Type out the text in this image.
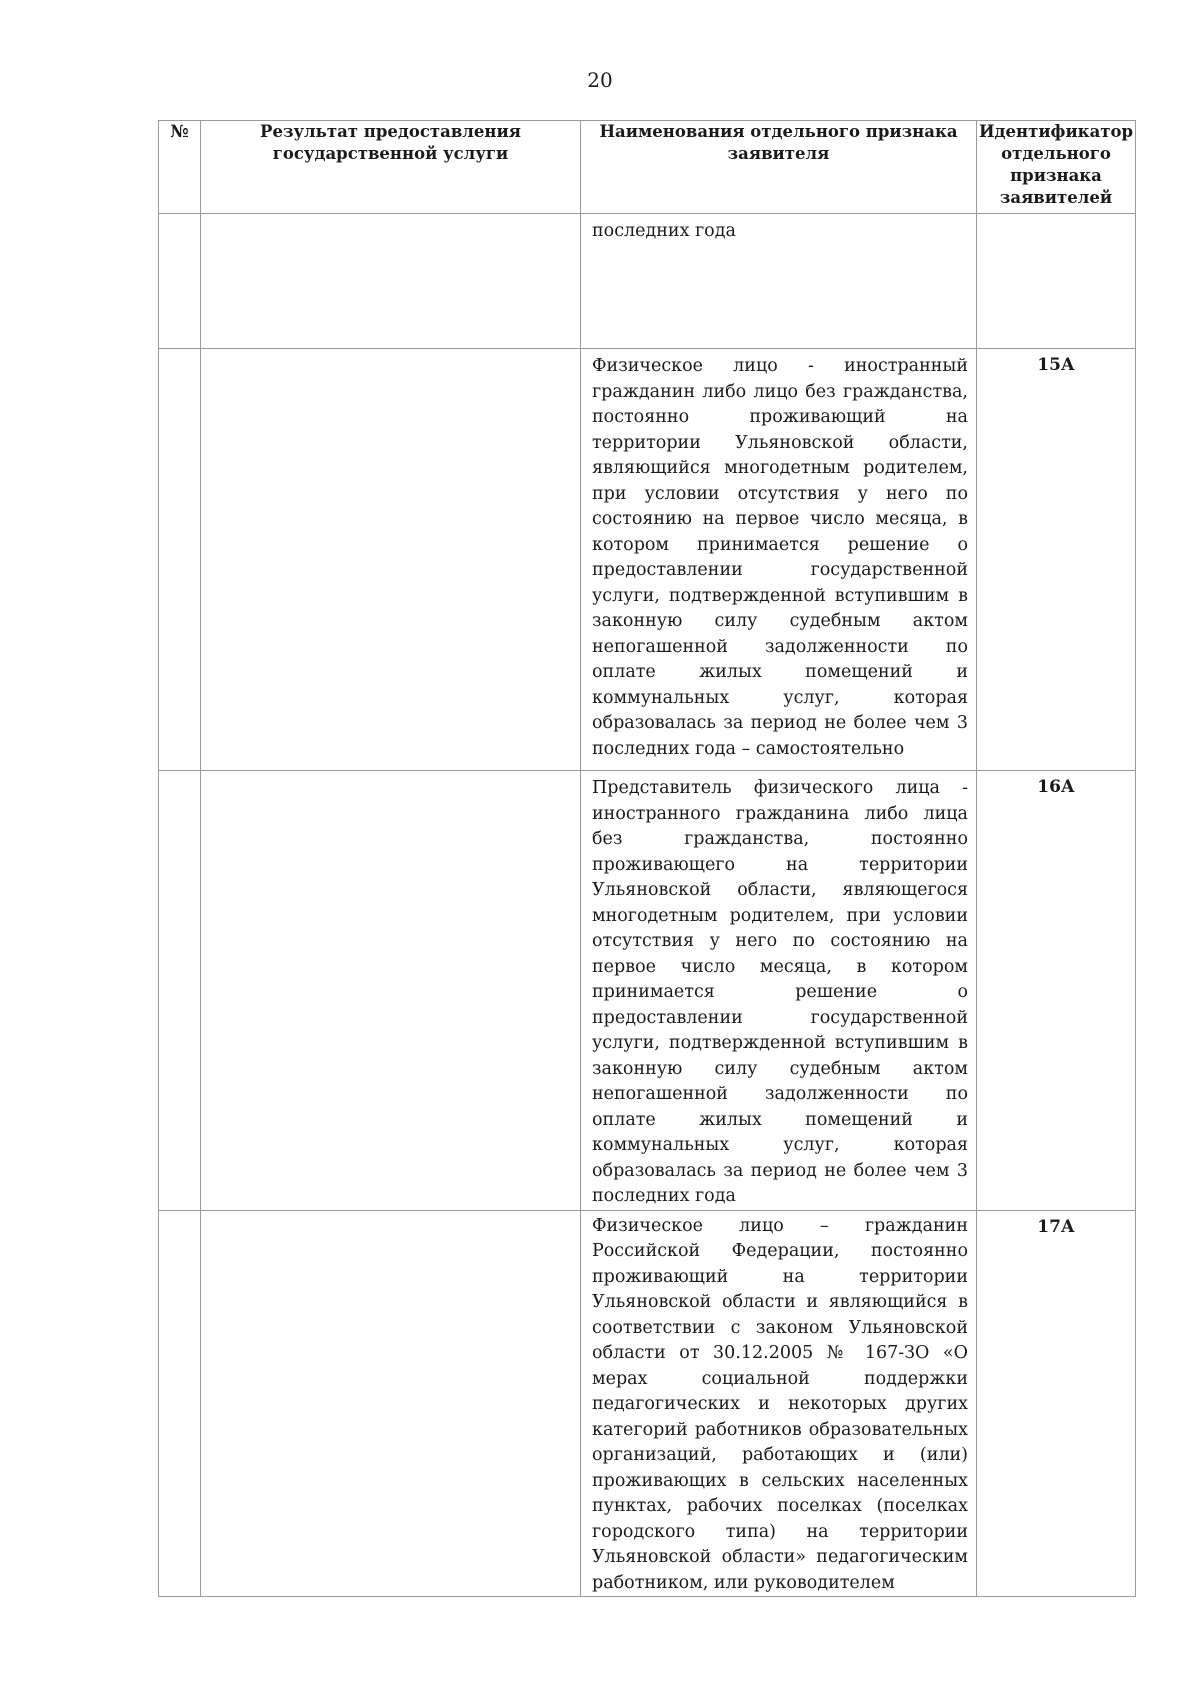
20
№	Результат предоставления государственной услуги	Наименования отдельного признака заявителя	Идентификатор отдельного признака заявителей

		последних года	

		Физическое лицо - иностранный гражданин либо лицо без гражданства, постоянно проживающий на территории Ульяновской области, являющийся многодетным родителем, при условии отсутствия у него по состоянию на первое число месяца, в котором принимается решение о предоставлении государственной услуги, подтвержденной вступившим в законную силу судебным актом непогашенной задолженности по оплате жилых помещений и коммунальных услуг, которая образовалась за период не более чем 3 последних года – самостоятельно	15А

		Представитель физического лица - иностранного гражданина либо лица без гражданства, постоянно проживающего на территории Ульяновской области, являющегося многодетным родителем, при условии отсутствия у него по состоянию на первое число месяца, в котором принимается решение о предоставлении государственной услуги, подтвержденной вступившим в законную силу судебным актом непогашенной задолженности по оплате жилых помещений и коммунальных услуг, которая образовалась за период не более чем 3 последних года	16А

		Физическое лицо – гражданин Российской Федерации, постоянно проживающий на территории Ульяновской области и являющийся в соответствии с законом Ульяновской области от 30.12.2005 № 167-ЗО «О мерах социальной поддержки педагогических и некоторых других категорий работников образовательных организаций, работающих и (или) проживающих в сельских населенных пунктах, рабочих поселках (поселках городского типа) на территории Ульяновской области» педагогическим работником, или руководителем	17А
